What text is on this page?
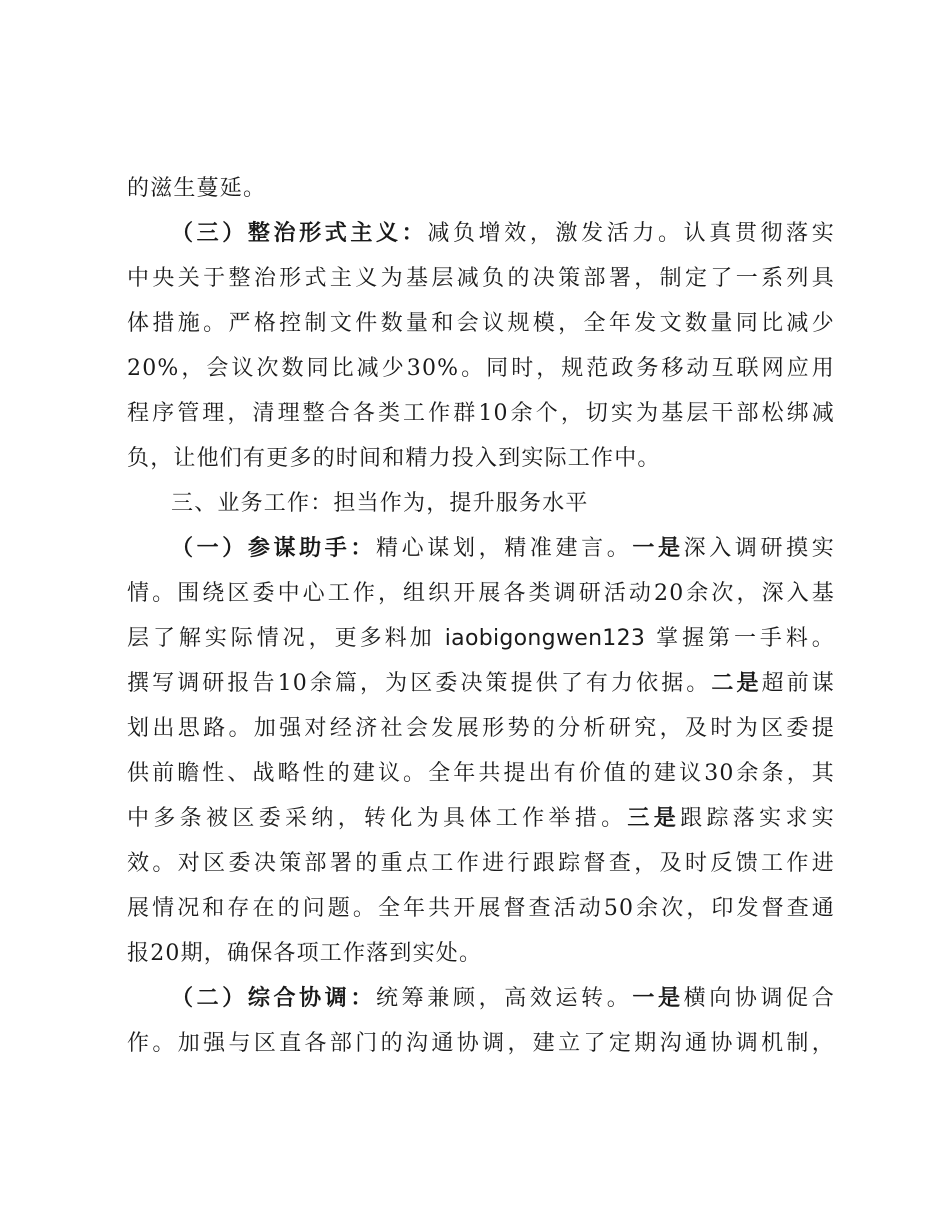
的滋生蔓延。
（三）整治形式主义：减负增效，激发活力。认真贯彻落实
中央关于整治形式主义为基层减负的决策部署，制定了一系列具
体措施。严格控制文件数量和会议规模，全年发文数量同比减少
20%，会议次数同比减少30%。同时，规范政务移动互联网应用
程序管理，清理整合各类工作群10余个，切实为基层干部松绑减
负，让他们有更多的时间和精力投入到实际工作中。
三、业务工作：担当作为，提升服务水平
（一）参谋助手：精心谋划，精准建言。一是深入调研摸实
情。围绕区委中心工作，组织开展各类调研活动20余次，深入基
层了解实际情况，更多料加 iaobigongwen123 掌握第一手料。
撰写调研报告10余篇，为区委决策提供了有力依据。二是超前谋
划出思路。加强对经济社会发展形势的分析研究，及时为区委提
供前瞻性、战略性的建议。全年共提出有价值的建议30余条，其
中多条被区委采纳，转化为具体工作举措。三是跟踪落实求实
效。对区委决策部署的重点工作进行跟踪督查，及时反馈工作进
展情况和存在的问题。全年共开展督查活动50余次，印发督查通
报20期，确保各项工作落到实处。
（二）综合协调：统筹兼顾，高效运转。一是横向协调促合
作。加强与区直各部门的沟通协调，建立了定期沟通协调机制，
